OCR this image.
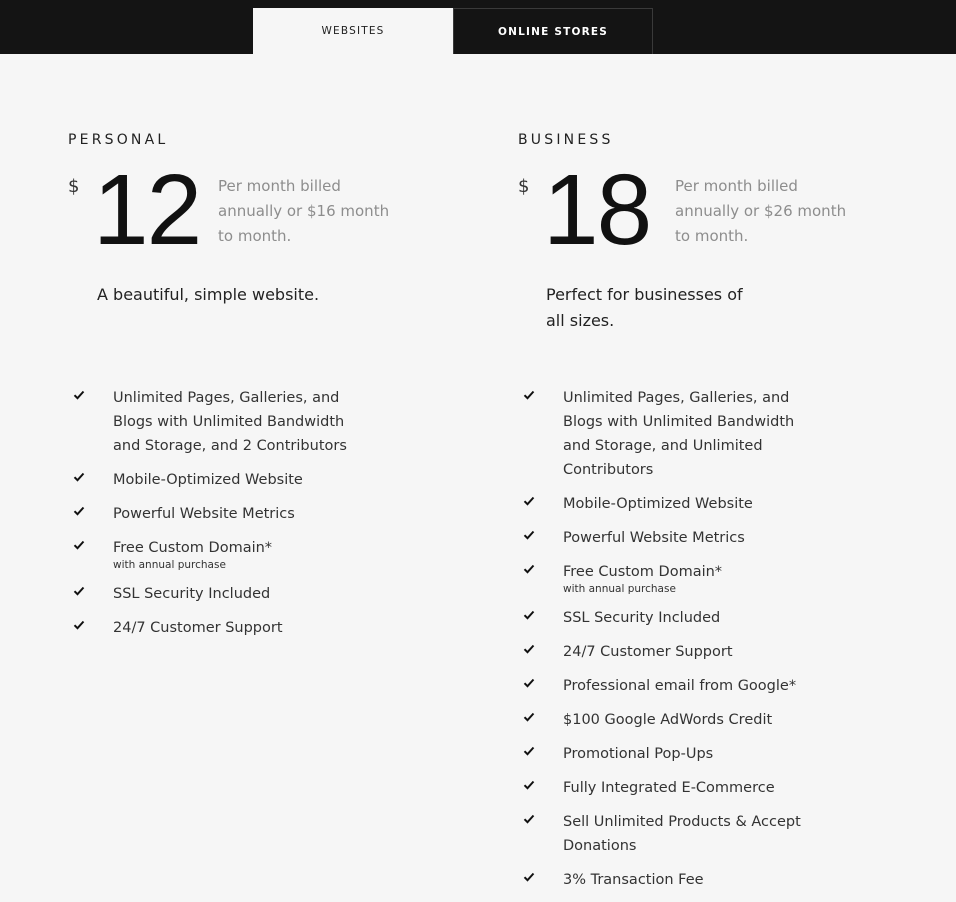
WEBSITES	ONLINE STORES
PERSONAL
$ 12 Per month billed annually or $16 month to month.
A beautiful, simple website.
Unlimited Pages, Galleries, and Blogs with Unlimited Bandwidth and Storage, and 2 Contributors
Mobile-Optimized Website
Powerful Website Metrics
Free Custom Domain*
with annual purchase
SSL Security Included
24/7 Customer Support
BUSINESS
$ 18 Per month billed annually or $26 month to month.
Perfect for businesses of all sizes.
Unlimited Pages, Galleries, and Blogs with Unlimited Bandwidth and Storage, and Unlimited Contributors
Mobile-Optimized Website
Powerful Website Metrics
Free Custom Domain*
with annual purchase
SSL Security Included
24/7 Customer Support
Professional email from Google*
$100 Google AdWords Credit
Promotional Pop-Ups
Fully Integrated E-Commerce
Sell Unlimited Products & Accept Donations
3% Transaction Fee
